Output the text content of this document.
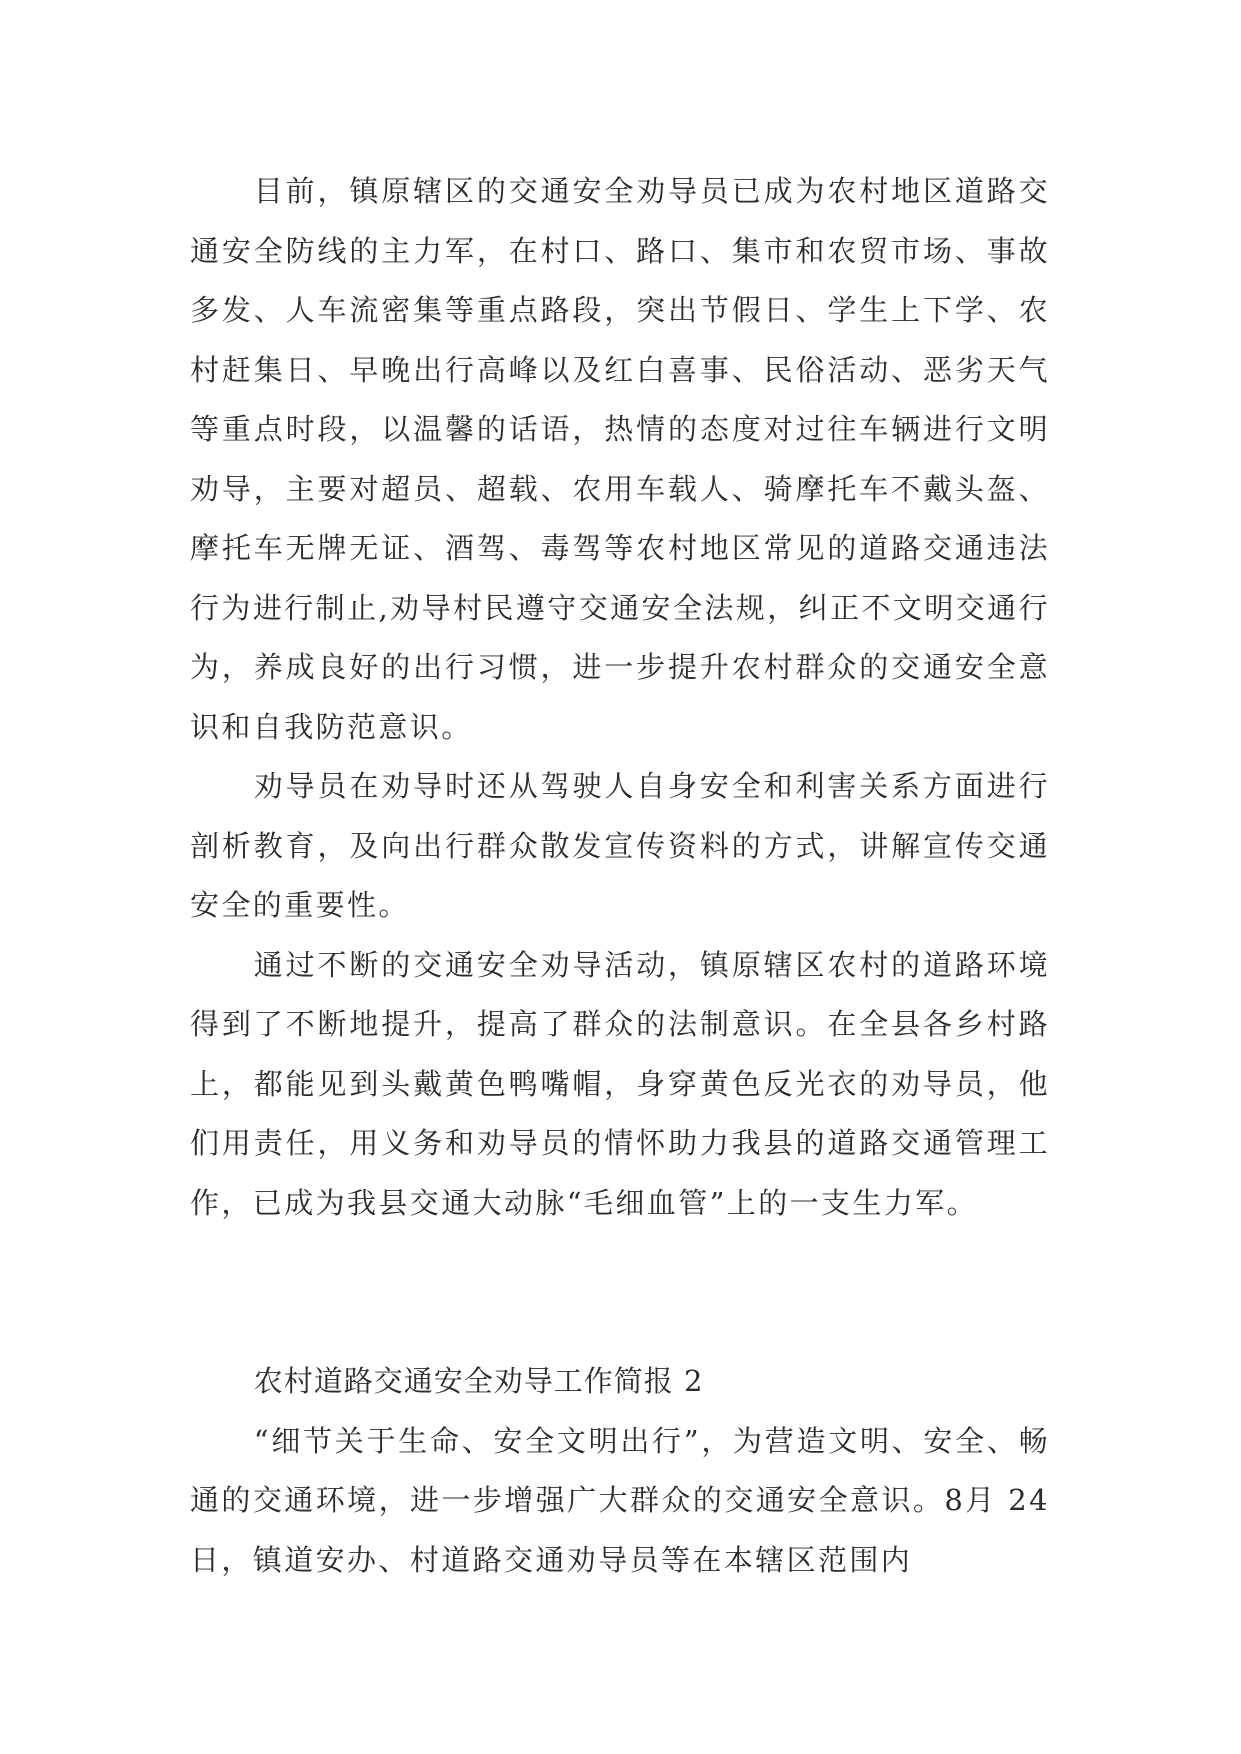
目前，镇原辖区的交通安全劝导员已成为农村地区道路交通安全防线的主力军，在村口、路口、集市和农贸市场、事故多发、人车流密集等重点路段，突出节假日、学生上下学、农村赶集日、早晚出行高峰以及红白喜事、民俗活动、恶劣天气等重点时段，以温馨的话语，热情的态度对过往车辆进行文明劝导，主要对超员、超载、农用车载人、骑摩托车不戴头盔、摩托车无牌无证、酒驾、毒驾等农村地区常见的道路交通违法行为进行制止,劝导村民遵守交通安全法规，纠正不文明交通行为，养成良好的出行习惯，进一步提升农村群众的交通安全意识和自我防范意识。

劝导员在劝导时还从驾驶人自身安全和利害关系方面进行剖析教育，及向出行群众散发宣传资料的方式，讲解宣传交通安全的重要性。

通过不断的交通安全劝导活动，镇原辖区农村的道路环境得到了不断地提升，提高了群众的法制意识。在全县各乡村路上，都能见到头戴黄色鸭嘴帽，身穿黄色反光衣的劝导员，他们用责任，用义务和劝导员的情怀助力我县的道路交通管理工作，已成为我县交通大动脉“毛细血管”上的一支生力军。

农村道路交通安全劝导工作简报 2

“细节关于生命、安全文明出行”，为营造文明、安全、畅通的交通环境，进一步增强广大群众的交通安全意识。8月 24 日，镇道安办、村道路交通劝导员等在本辖区范围内
